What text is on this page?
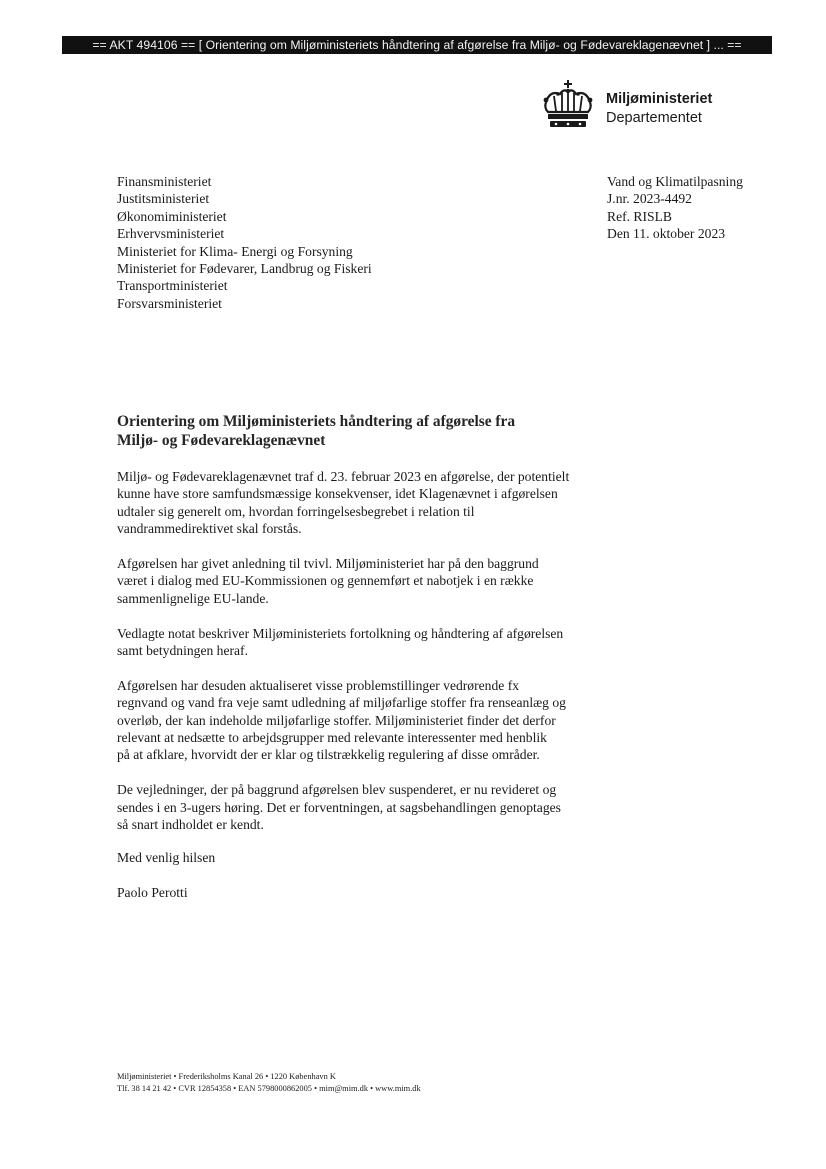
== AKT 494106 == [ Orientering om Miljøministeriets håndtering af afgørelse fra Miljø- og Fødevareklagenævnet ] ... ==
Miljøministeriet
Departementet
Finansministeriet
Justitsministeriet
Økonomiministeriet
Erhvervsministeriet
Ministeriet for Klima- Energi og Forsyning
Ministeriet for Fødevarer, Landbrug og Fiskeri
Transportministeriet
Forsvarsministeriet
Vand og Klimatilpasning
J.nr. 2023-4492
Ref. RISLB
Den 11. oktober 2023
Orientering om Miljøministeriets håndtering af afgørelse fra
Miljø- og Fødevareklagenævnet

Miljø- og Fødevareklagenævnet traf d. 23. februar 2023 en afgørelse, der potentielt
kunne have store samfundsmæssige konsekvenser, idet Klagenævnet i afgørelsen
udtaler sig generelt om, hvordan forringelsesbegrebet i relation til
vandrammedirektivet skal forstås.

Afgørelsen har givet anledning til tvivl. Miljøministeriet har på den baggrund
været i dialog med EU-Kommissionen og gennemført et nabotjek i en række
sammenlignelige EU-lande.

Vedlagte notat beskriver Miljøministeriets fortolkning og håndtering af afgørelsen
samt betydningen heraf.

Afgørelsen har desuden aktualiseret visse problemstillinger vedrørende fx
regnvand og vand fra veje samt udledning af miljøfarlige stoffer fra renseanlæg og
overløb, der kan indeholde miljøfarlige stoffer. Miljøministeriet finder det derfor
relevant at nedsætte to arbejdsgrupper med relevante interessenter med henblik
på at afklare, hvorvidt der er klar og tilstrækkelig regulering af disse områder.

De vejledninger, der på baggrund afgørelsen blev suspenderet, er nu revideret og
sendes i en 3-ugers høring. Det er forventningen, at sagsbehandlingen genoptages
så snart indholdet er kendt.

Med venlig hilsen
Paolo Perotti
Miljøministeriet • Frederiksholms Kanal 26 • 1220 København K
Tlf. 38 14 21 42 • CVR 12854358 • EAN 5798000862005 • mim@mim.dk • www.mim.dk
